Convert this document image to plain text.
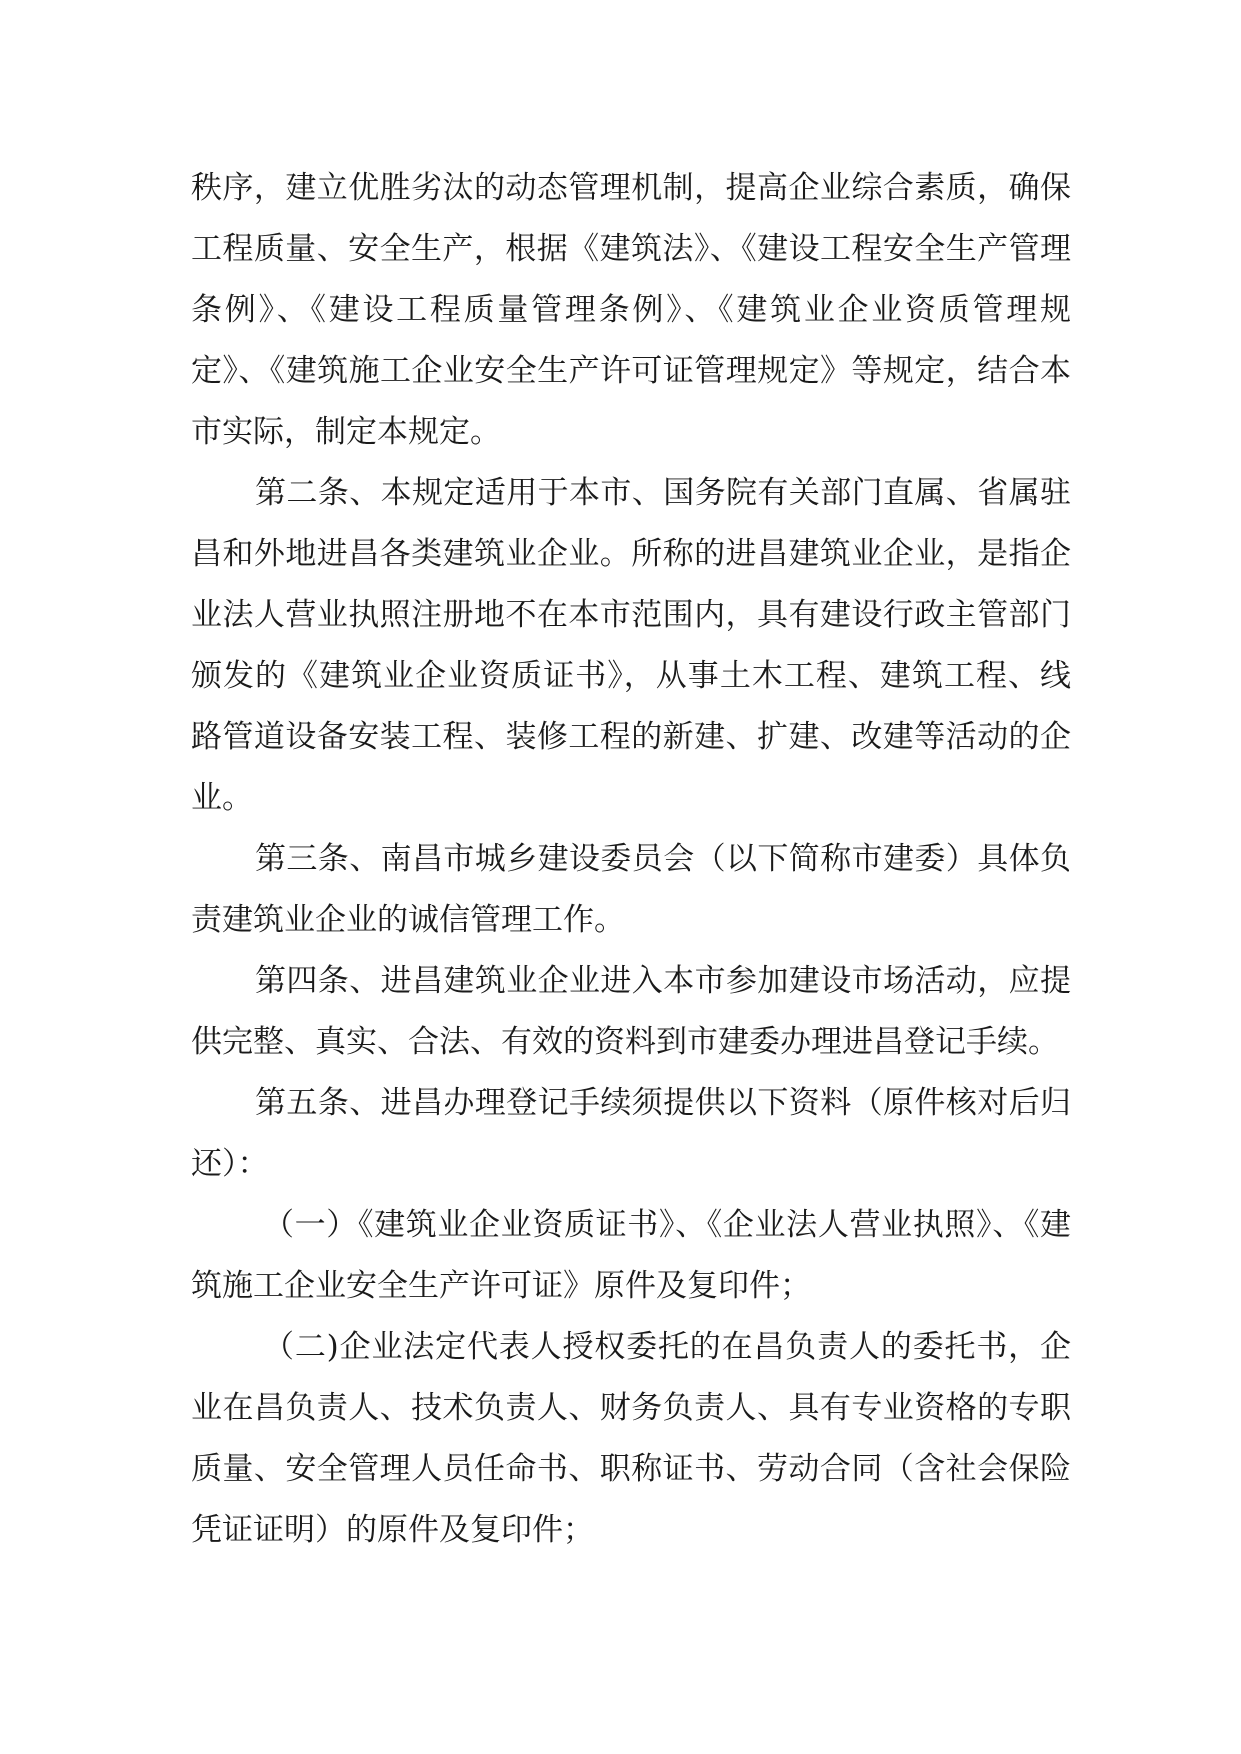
秩序，建立优胜劣汰的动态管理机制，提高企业综合素质，确保工程质量、安全生产，根据《建筑法》、《建设工程安全生产管理条例》、《建设工程质量管理条例》、《建筑业企业资质管理规定》、《建筑施工企业安全生产许可证管理规定》等规定，结合本市实际，制定本规定。

第二条、本规定适用于本市、国务院有关部门直属、省属驻昌和外地进昌各类建筑业企业。所称的进昌建筑业企业，是指企业法人营业执照注册地不在本市范围内，具有建设行政主管部门颁发的《建筑业企业资质证书》，从事土木工程、建筑工程、线路管道设备安装工程、装修工程的新建、扩建、改建等活动的企业。

第三条、南昌市城乡建设委员会（以下简称市建委）具体负责建筑业企业的诚信管理工作。

第四条、进昌建筑业企业进入本市参加建设市场活动，应提供完整、真实、合法、有效的资料到市建委办理进昌登记手续。

第五条、进昌办理登记手续须提供以下资料（原件核对后归还）：

（一）《建筑业企业资质证书》、《企业法人营业执照》、《建筑施工企业安全生产许可证》原件及复印件；

（二)企业法定代表人授权委托的在昌负责人的委托书，企业在昌负责人、技术负责人、财务负责人、具有专业资格的专职质量、安全管理人员任命书、职称证书、劳动合同（含社会保险凭证证明）的原件及复印件；
